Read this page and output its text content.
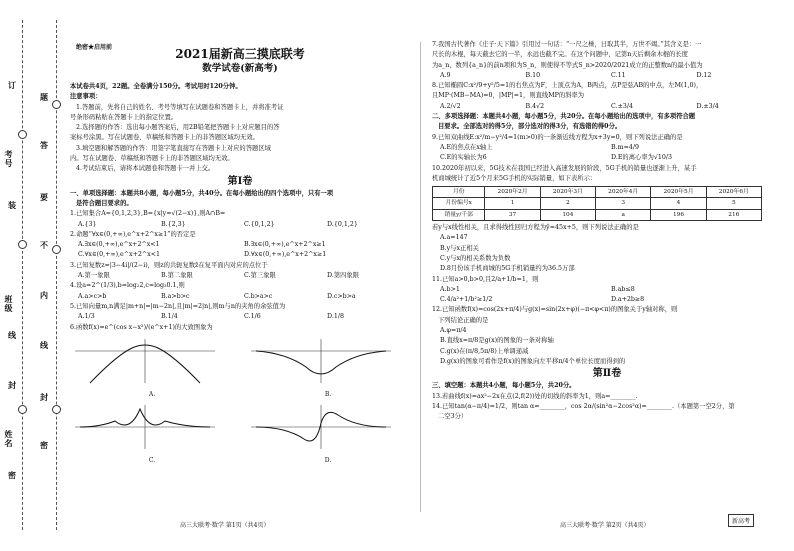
考号
班级
姓名
题
答
要
不
内
线
封
密
订
装
线
封
密
绝密★启用前	2021届新高三摸底联考
数学试卷(新高考)
本试卷共4页，22题。全卷满分150分。考试用时120分钟。
注意事项：
1.答题前，先将自己的姓名、考号等填写在试题卷和答题卡上，并将准考证
号条形码粘贴在答题卡上的指定位置。
2.选择题的作答：选出每小题答案后，用2B铅笔把答题卡上对应题目的答
案标号涂黑。写在试题卷、草稿纸和答题卡上的非答题区域均无效。
3.填空题和解答题的作答：用签字笔直接写在答题卡上对应的答题区域
内。写在试题卷、草稿纸和答题卡上的非答题区域均无效。
4.考试结束后，请将本试题卷和答题卡一并上交。
第Ⅰ卷
一、单项选择题：本题共8小题，每小题5分，共40分。在每小题给出的四个选项中，只有一项
是符合题目要求的。
1.已知集合A={0,1,2,3},B={x|y=√(2−x)},则A∩B=
A.{3}	B.{2,3}	C.{0,1,2}	D.{0,1,2}
2.命题“∀x∈(0,+∞),e^x+2^x≥1”的否定是
A.∃x∈(0,+∞),e^x+2^x<1	B.∃x∈(0,+∞),e^x+2^x≥1
C.∀x∈(0,+∞),e^x+2^x<1	D.∀x∈(0,+∞),e^x+2^x≥1
3.已知复数z=|3−4i|/(2−i)，则z的共轭复数z̄在复平面内对应的点位于
A.第一象限	B.第二象限	C.第三象限	D.第四象限
4.设a=2^(1/3),b=log₂2,c=log₃0.1,则
A.a>c>b	B.a>b>c	C.b>a>c	D.c>b>a
5.已知向量m,n满足|m+n|=|m−2n|,且|m|=2|n|,则m与n的夹角的余弦值为
A.1/3	B.1/4	C.1/6	D.1/8
6.函数f(x)=e^(cos x−x²)/(e^x+1)的大致图象为
A.	B.
C.	D.
7.我国古代著作《庄子·天下篇》引用过一句话：“一尺之棰，日取其半，万世不竭。”其含义是：一
尺长的木棍，每天截去它的一半，永远也截不完。在这个问题中，记第n天后剩余木棍的长度
为a_n，数列{a_n}的前n项和为S_n，则使得不等式S_n>2020/2021成立的正整数n的最小值为
A.9	B.10	C.11	D.12
8.已知椭圆C:x²/9+y²/5=1的右焦点为F，上顶点为A，B两点，点P是弦AB的中点，左M(1,0)，
且MP·(MB−MA)=0，|MP|=1，则直线MP的斜率为
A.2/√2	B.4√2	C.±3/4	D.±3/4
二、多项选择题：本题共4小题，每小题5分，共20分。在每小题给出的选项中，有多项符合题
目要求。全部选对的得5分，部分选对的得3分，有选错的得0分。
9.已知双曲线E:x²/m−y²/4=1(m>0)的一条渐近线方程为x+3y=0，则下列说法正确的是
A.E的焦点在x轴上	B.m=4/9
C.E的实轴长为6	D.E的离心率为√10/3
10.2020年初以来，5G技术在我国已经进入高速发展的阶段，5G手机的销量也逐渐上升，某手
机商城统计了近5个月来5G手机的实际销量，如下表所示：
月份	2020年2月	2020年3月	2020年4月	2020年5月	2020年6月
月份编号x	1	2	3	4	5
销量y/千部	37	104	a	196	216
若y与x线性相关，且求得线性回归方程为ŷ=45x+5，则下列说法正确的是
A.a=147
B.y与x正相关
C.y与x的相关系数为负数
D.8月份该手机商城的5G手机销量约为36.5万部
11.已知a>0,b>0,且2/a+1/b=1，则
A.b>1	B.ab≤8
C.4/a²+1/b²≥1/2	D.a+2b≥8
12.已知函数f(x)=cos(2x+π/4)与g(x)=sin(2x+φ)(−π<φ<π)的图象关于y轴对称，则
下列结论正确的是
A.φ=π/4
B.直线x=π/8是g(x)的图象的一条对称轴
C.g(x)在(π/8,5π/8)上单调递减
D.g(x)的图象可看作是f(x)的图象向左平移π/4个单位长度而得到的
第Ⅱ卷
三、填空题：本题共4小题，每小题5分，共20分。
13.若曲线f(x)=ax²−2x在点(2,f(2))处的切线的斜率为1，则a=________.
14.已知tan(α−π/4)=1/2，则tan α=________，cos 2α/(sin²α−2cos²α)=________.（本题第一空2分，第
二空3分）
高三大联考·数学 第1页（共4页）	高三大联考·数学 第2页（共4页）
新高考
